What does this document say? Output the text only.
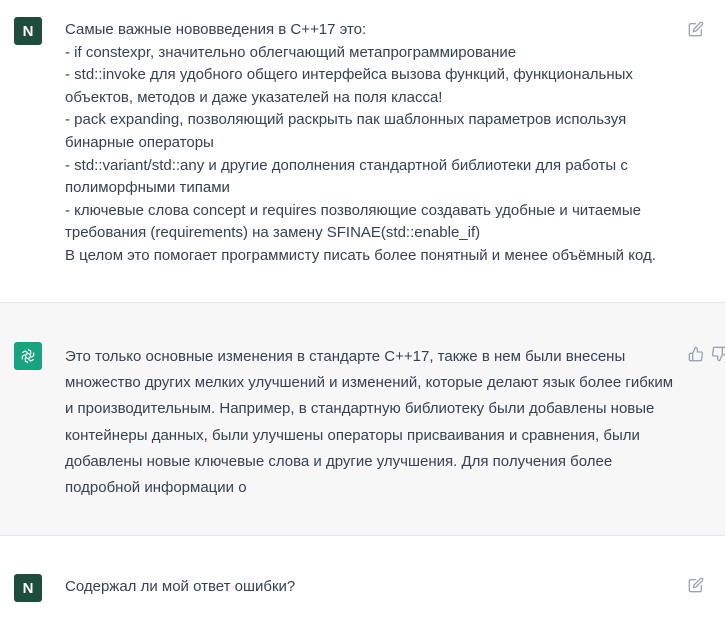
N	Самые важные нововведения в C++17 это:
- if constexpr, значительно облегчающий метапрограммирование
- std::invoke для удобного общего интерфейса вызова функций, функциональных объектов, методов и даже указателей на поля класса!
- pack expanding, позволяющий раскрыть пак шаблонных параметров используя бинарные операторы
- std::variant/std::any и другие дополнения стандартной библиотеки для работы с полиморфными типами
- ключевые слова concept и requires позволяющие создавать удобные и читаемые требования (requirements) на замену SFINAE(std::enable_if)
В целом это помогает программисту писать более понятный и менее объёмный код.
Это только основные изменения в стандарте C++17, также в нем были внесены множество других мелких улучшений и изменений, которые делают язык более гибким и производительным. Например, в стандартную библиотеку были добавлены новые контейнеры данных, были улучшены операторы присваивания и сравнения, были добавлены новые ключевые слова и другие улучшения. Для получения более подробной информации о
N	Содержал ли мой ответ ошибки?
